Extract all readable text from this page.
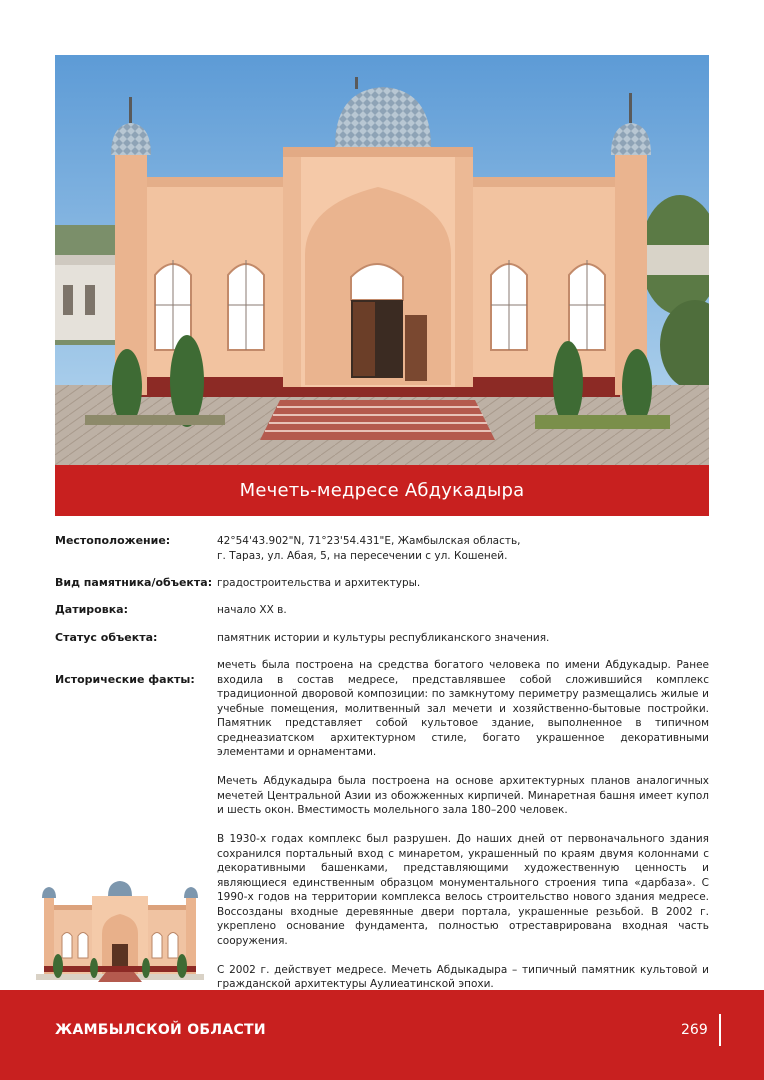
Мечеть-медресе Абдукадыра
Местоположение:	42°54'43.902"N, 71°23'54.431"E, Жамбылская область,
г. Тараз, ул. Абая, 5, на пересечении с ул. Кошеней.
Вид памятника/объекта: градостроительства и архитектуры.
Датировка:	начало XX в.
Статус объекта:	памятник истории и культуры республиканского значения.
Исторические факты:

мечеть была построена на средства богатого человека по имени Абдукадыр. Ранее входила в состав медресе, представлявшее собой сложившийся комплекс традиционной дворовой композиции: по замкнутому периметру размещались жилые и учебные помещения, молитвенный зал мечети и хозяйственно-бытовые постройки. Памятник представляет собой культовое здание, выполненное в типичном среднеазиатском архитектурном стиле, богато украшенное декоративными элементами и орнаментами.

Мечеть Абдукадыра была построена на основе архитектурных планов аналогичных мечетей Центральной Азии из обожженных кирпичей. Минаретная башня имеет купол и шесть окон. Вместимость молельного зала 180–200 человек.

В 1930-х годах комплекс был разрушен. До наших дней от первоначального здания сохранился портальный вход с минаретом, украшенный по краям двумя колоннами с декоративными башенками, представляющими художественную ценность и являющиеся единственным образцом монументального строения типа «дарбаза». С 1990-х годов на территории комплекса велось строительство нового здания медресе. Воссозданы входные деревянные двери портала, украшенные резьбой. В 2002 г. укреплено основание фундамента, полностью отреставрирована входная часть сооружения.

С 2002 г. действует медресе. Мечеть Абдыкадыра – типичный памятник культовой и гражданской архитектуры Аулиеатинской эпохи.

ЖАМБЫЛСКОЙ ОБЛАСТИ	269
